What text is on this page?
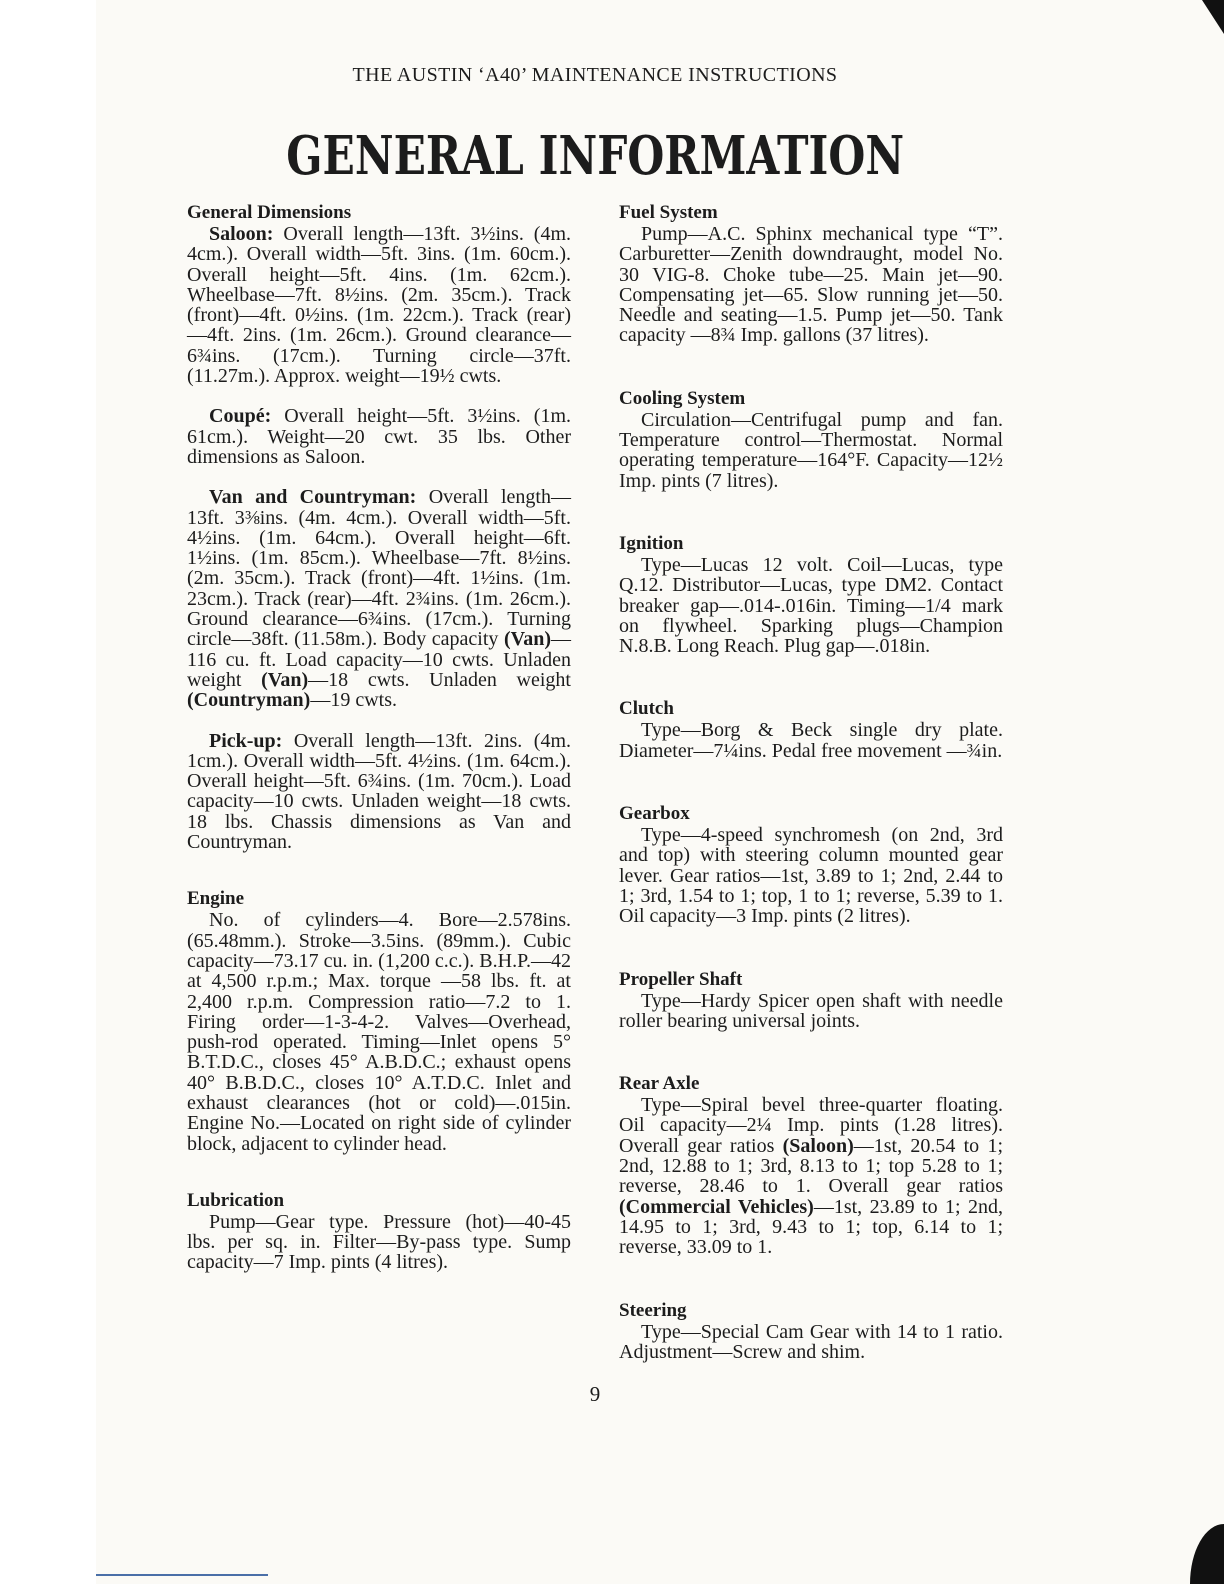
THE AUSTIN ‘A40’ MAINTENANCE INSTRUCTIONS
GENERAL INFORMATION
General Dimensions

Saloon: Overall length—13ft. 3½ins. (4m. 4cm.). Overall width—5ft. 3ins. (1m. 60cm.). Overall height—5ft. 4ins. (1m. 62cm.). Wheelbase—7ft. 8½ins. (2m. 35cm.). Track (front)—4ft. 0½ins. (1m. 22cm.). Track (rear)—4ft. 2ins. (1m. 26cm.). Ground clearance—6¾ins. (17cm.). Turning circle—37ft. (11.27m.). Approx. weight—19½ cwts.

Coupé: Overall height—5ft. 3½ins. (1m. 61cm.). Weight—20 cwt. 35 lbs. Other dimensions as Saloon.

Van and Countryman: Overall length—13ft. 3⅜ins. (4m. 4cm.). Overall width—5ft. 4½ins. (1m. 64cm.). Overall height—6ft. 1½ins. (1m. 85cm.). Wheelbase—7ft. 8½ins. (2m. 35cm.). Track (front)—4ft. 1½ins. (1m. 23cm.). Track (rear)—4ft. 2¾ins. (1m. 26cm.). Ground clearance—6¾ins. (17cm.). Turning circle—38ft. (11.58m.). Body capacity (Van)—116 cu. ft. Load capacity—10 cwts. Unladen weight (Van)—18 cwts. Unladen weight (Countryman)—19 cwts.

Pick-up: Overall length—13ft. 2ins. (4m. 1cm.). Overall width—5ft. 4½ins. (1m. 64cm.). Overall height—5ft. 6¾ins. (1m. 70cm.). Load capacity—10 cwts. Unladen weight—18 cwts. 18 lbs. Chassis dimensions as Van and Countryman.

Engine

No. of cylinders—4. Bore—2.578ins. (65.48mm.). Stroke—3.5ins. (89mm.). Cubic capacity—73.17 cu. in. (1,200 c.c.). B.H.P.—42 at 4,500 r.p.m.; Max. torque —58 lbs. ft. at 2,400 r.p.m. Compression ratio—7.2 to 1. Firing order—1-3-4-2. Valves—Overhead, push-rod operated. Timing—Inlet opens 5° B.T.D.C., closes 45° A.B.D.C.; exhaust opens 40° B.B.D.C., closes 10° A.T.D.C. Inlet and exhaust clearances (hot or cold)—.015in. Engine No.—Located on right side of cylinder block, adjacent to cylinder head.

Lubrication

Pump—Gear type. Pressure (hot)—40-45 lbs. per sq. in. Filter—By-pass type. Sump capacity—7 Imp. pints (4 litres).

Fuel System

Pump—A.C. Sphinx mechanical type “T”. Carburetter—Zenith downdraught, model No. 30 VIG-8. Choke tube—25. Main jet—90. Compensating jet—65. Slow running jet—50. Needle and seating—1.5. Pump jet—50. Tank capacity —8¾ Imp. gallons (37 litres).

Cooling System

Circulation—Centrifugal pump and fan. Temperature control—Thermostat. Normal operating temperature—164°F. Capacity—12½ Imp. pints (7 litres).

Ignition

Type—Lucas 12 volt. Coil—Lucas, type Q.12. Distributor—Lucas, type DM2. Contact breaker gap—.014-.016in. Timing—1/4 mark on flywheel. Sparking plugs—Champion N.8.B. Long Reach. Plug gap—.018in.

Clutch

Type—Borg & Beck single dry plate. Diameter—7¼ins. Pedal free movement —¾in.

Gearbox

Type—4-speed synchromesh (on 2nd, 3rd and top) with steering column mounted gear lever. Gear ratios—1st, 3.89 to 1; 2nd, 2.44 to 1; 3rd, 1.54 to 1; top, 1 to 1; reverse, 5.39 to 1. Oil capacity—3 Imp. pints (2 litres).

Propeller Shaft

Type—Hardy Spicer open shaft with needle roller bearing universal joints.

Rear Axle

Type—Spiral bevel three-quarter floating. Oil capacity—2¼ Imp. pints (1.28 litres). Overall gear ratios (Saloon)—1st, 20.54 to 1; 2nd, 12.88 to 1; 3rd, 8.13 to 1; top 5.28 to 1; reverse, 28.46 to 1. Overall gear ratios (Commercial Vehicles)—1st, 23.89 to 1; 2nd, 14.95 to 1; 3rd, 9.43 to 1; top, 6.14 to 1; reverse, 33.09 to 1.

Steering

Type—Special Cam Gear with 14 to 1 ratio. Adjustment—Screw and shim.

9
